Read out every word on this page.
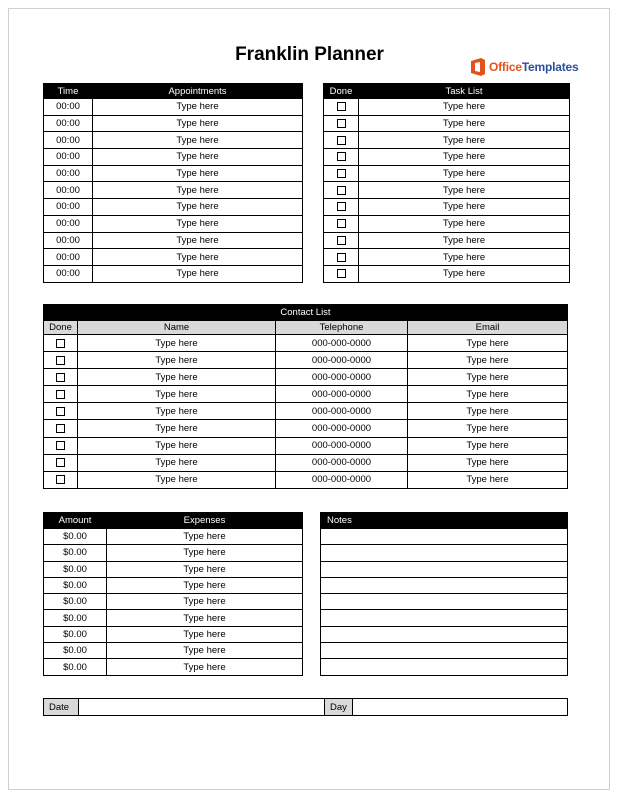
Franklin Planner
OfficeTemplates
Time	Appointments
00:00	Type here
00:00	Type here
00:00	Type here
00:00	Type here
00:00	Type here
00:00	Type here
00:00	Type here
00:00	Type here
00:00	Type here
00:00	Type here
00:00	Type here
Done	Task List
	Type here
	Type here
	Type here
	Type here
	Type here
	Type here
	Type here
	Type here
	Type here
	Type here
	Type here
Contact List			
Done	Name	Telephone	Email
	Type here	000-000-0000	Type here
	Type here	000-000-0000	Type here
	Type here	000-000-0000	Type here
	Type here	000-000-0000	Type here
	Type here	000-000-0000	Type here
	Type here	000-000-0000	Type here
	Type here	000-000-0000	Type here
	Type here	000-000-0000	Type here
	Type here	000-000-0000	Type here
Amount	Expenses
$0.00	Type here
$0.00	Type here
$0.00	Type here
$0.00	Type here
$0.00	Type here
$0.00	Type here
$0.00	Type here
$0.00	Type here
$0.00	Type here
Notes

Date		Day	
